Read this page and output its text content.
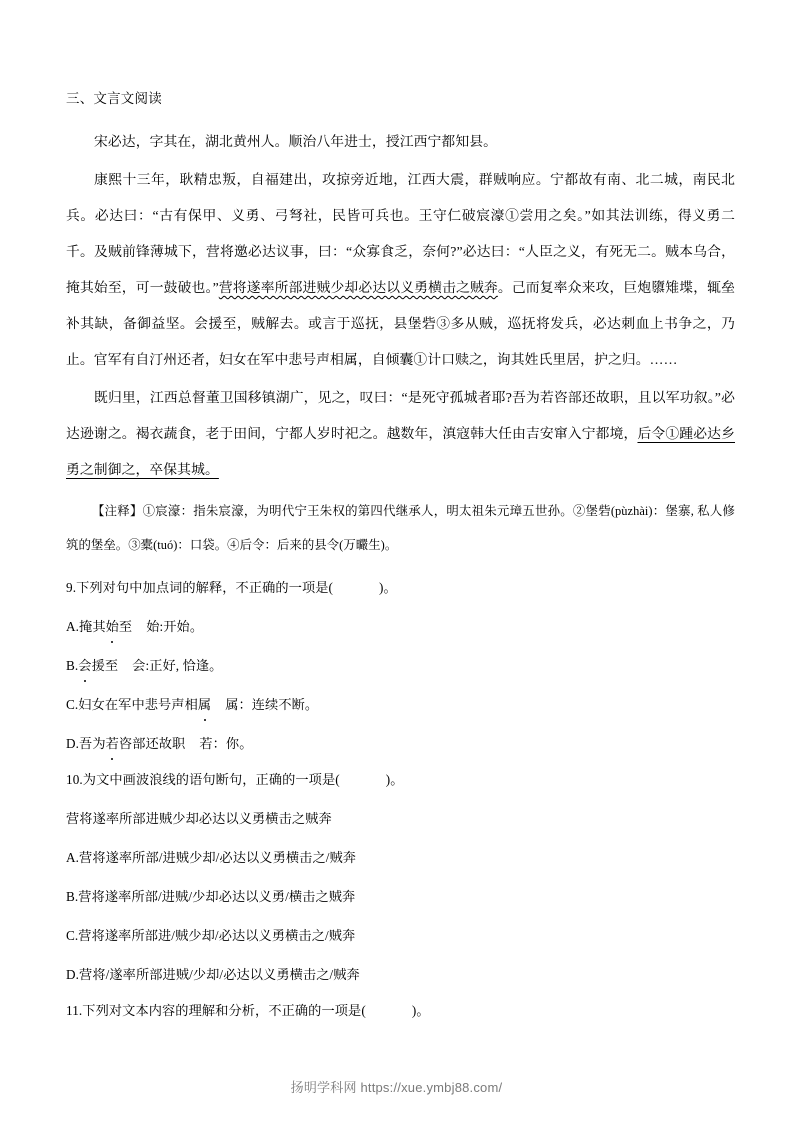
三、文言文阅读

宋必达，字其在，湖北黄州人。顺治八年进士，授江西宁都知县。

康熙十三年，耿精忠叛，自福建出，攻掠旁近地，江西大震，群贼响应。宁都故有南、北二城，南民北兵。必达曰：“古有保甲、义勇、弓弩社，民皆可兵也。王守仁破宸濠①尝用之矣。”如其法训练，得义勇二千。及贼前锋薄城下，营将邀必达议事，曰：“众寡食乏，奈何?”必达曰：“人臣之义，有死无二。贼本乌合，掩其始至，可一鼓破也。”营将遂率所部进贼少却必达以义勇横击之贼奔。己而复率众来攻，巨炮隳雉堞，辄垒补其缺，备御益坚。会援至，贼解去。或言于巡抚，县堡砦③多从贼，巡抚将发兵，必达刺血上书争之，乃止。官军有自汀州还者，妇女在军中悲号声相属，自倾囊①计口赎之，询其姓氏里居，护之归。……

既归里，江西总督董卫国移镇湖广，见之，叹曰：“是死守孤城者耶?吾为若咨部还故职，且以军功叙。”必达逊谢之。褐衣蔬食，老于田间，宁都人岁时祀之。越数年，滇寇韩大任由吉安窜入宁都境，后令①踵必达乡勇之制御之，卒保其城。

【注释】①宸濠：指朱宸濠，为明代宁王朱权的第四代继承人，明太祖朱元璋五世孙。②堡砦(pùzhài)：堡寨, 私人修筑的堡垒。③橐(tuó)：口袋。④后令：后来的县令(万曮生)。

9.下列对句中加点词的解释，不正确的一项是(	)。

A.掩其始至 始:开始。

B.会援至 会:正好, 恰逢。

C.妇女在军中悲号声相属 属：连续不断。

D.吾为若咨部还故职 若：你。

10.为文中画波浪线的语句断句，正确的一项是(	)。

营将遂率所部进贼少却必达以义勇横击之贼奔

A.营将遂率所部/进贼少却/必达以义勇横击之/贼奔

B.营将遂率所部/进贼/少却必达以义勇/横击之贼奔

C.营将遂率所部进/贼少却/必达以义勇横击之/贼奔

D.营将/遂率所部进贼/少却/必达以义勇横击之/贼奔

11.下列对文本内容的理解和分析，不正确的一项是(	)。

扬明学科网 https://xue.ymbj88.com/
